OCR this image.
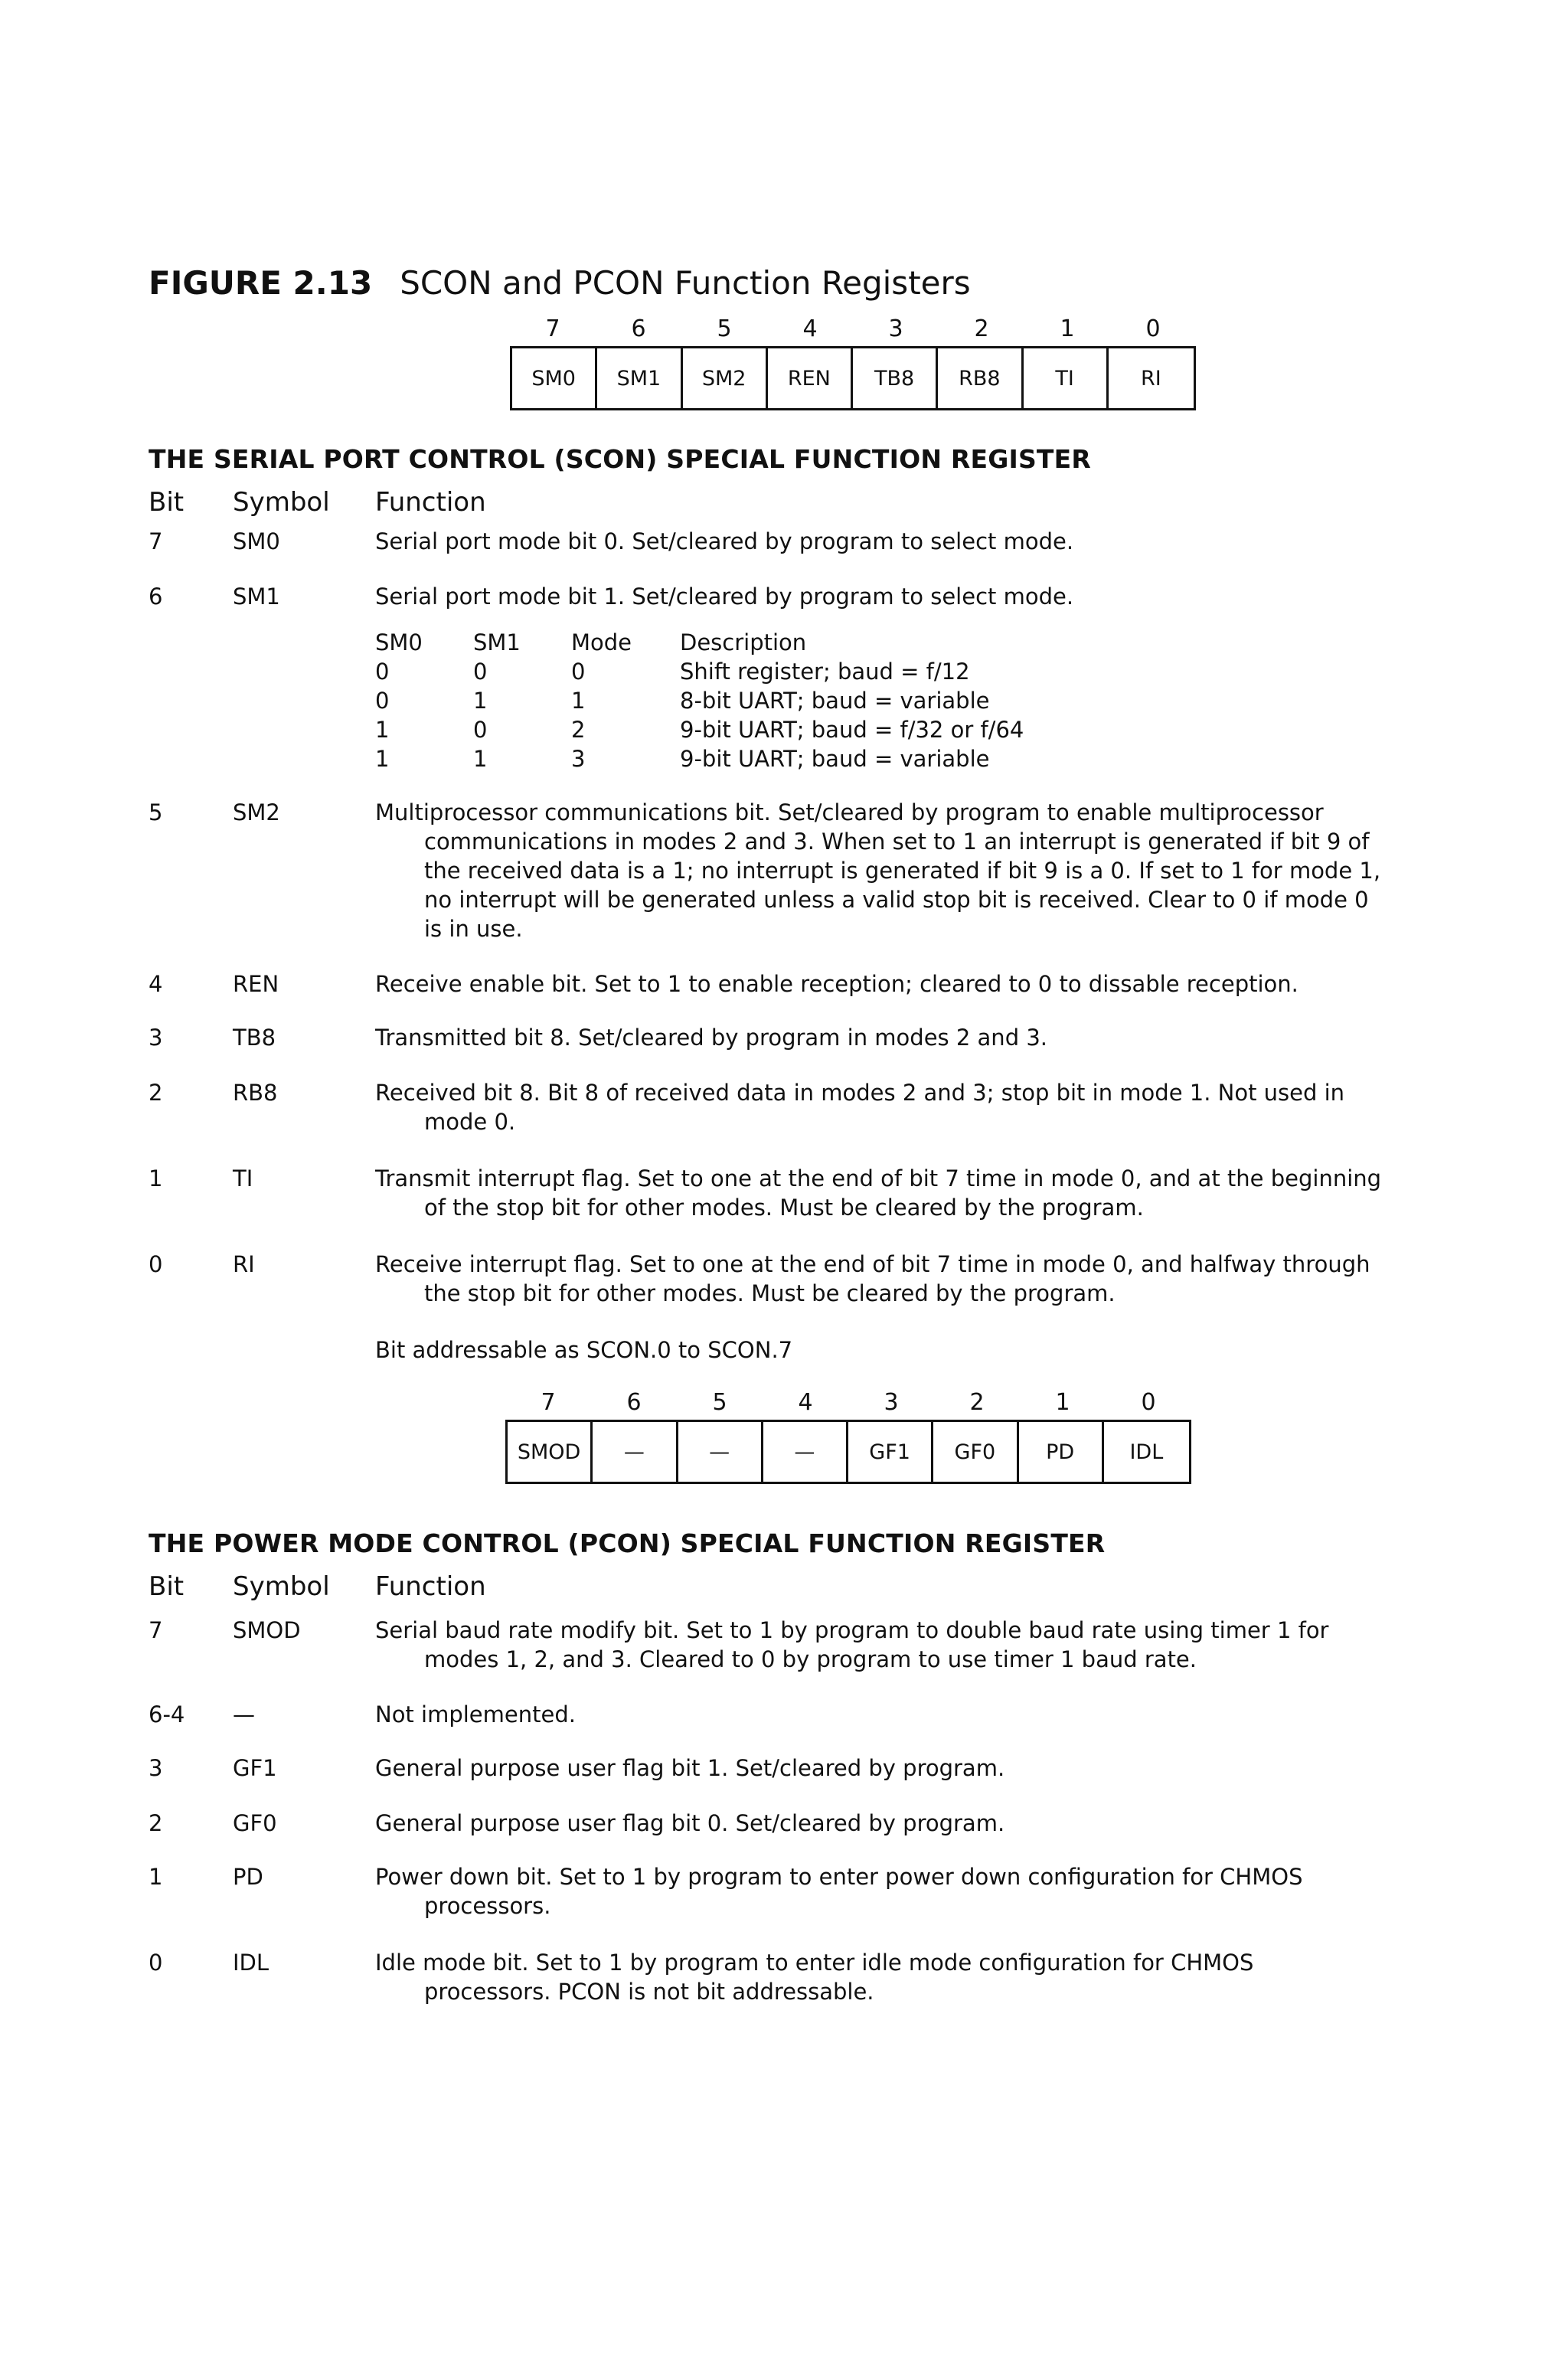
FIGURE 2.13 SCON and PCON Function Registers
7	6	5	4	3	2	1	0
SM0	SM1	SM2	REN	TB8	RB8	TI	RI
THE SERIAL PORT CONTROL (SCON) SPECIAL FUNCTION REGISTER
Bit Symbol Function
7	SM0	Serial port mode bit 0. Set/cleared by program to select mode.
6	SM1	Serial port mode bit 1. Set/cleared by program to select mode.
SM0	SM1	Mode	Description
0	0	0	Shift register; baud = f/12
0	1	1	8-bit UART; baud = variable
1	0	2	9-bit UART; baud = f/32 or f/64
1	1	3	9-bit UART; baud = variable
5	SM2	Multiprocessor communications bit. Set/cleared by program to enable multiprocessor
communications in modes 2 and 3. When set to 1 an interrupt is generated if bit 9 of
the received data is a 1; no interrupt is generated if bit 9 is a 0. If set to 1 for mode 1,
no interrupt will be generated unless a valid stop bit is received. Clear to 0 if mode 0
is in use.
4	REN	Receive enable bit. Set to 1 to enable reception; cleared to 0 to dissable reception.
3	TB8	Transmitted bit 8. Set/cleared by program in modes 2 and 3.
2	RB8	Received bit 8. Bit 8 of received data in modes 2 and 3; stop bit in mode 1. Not used in
mode 0.
1	TI	Transmit interrupt flag. Set to one at the end of bit 7 time in mode 0, and at the beginning
of the stop bit for other modes. Must be cleared by the program.
0	RI	Receive interrupt flag. Set to one at the end of bit 7 time in mode 0, and halfway through
the stop bit for other modes. Must be cleared by the program.
Bit addressable as SCON.0 to SCON.7
7	6	5	4	3	2	1	0
SMOD	—	—	—	GF1	GF0	PD	IDL
THE POWER MODE CONTROL (PCON) SPECIAL FUNCTION REGISTER
Bit Symbol Function
7	SMOD	Serial baud rate modify bit. Set to 1 by program to double baud rate using timer 1 for
modes 1, 2, and 3. Cleared to 0 by program to use timer 1 baud rate.
6-4 —	Not implemented.
3	GF1	General purpose user flag bit 1. Set/cleared by program.
2	GF0	General purpose user flag bit 0. Set/cleared by program.
1	PD	Power down bit. Set to 1 by program to enter power down configuration for CHMOS
processors.
0	IDL	Idle mode bit. Set to 1 by program to enter idle mode configuration for CHMOS
processors. PCON is not bit addressable.
